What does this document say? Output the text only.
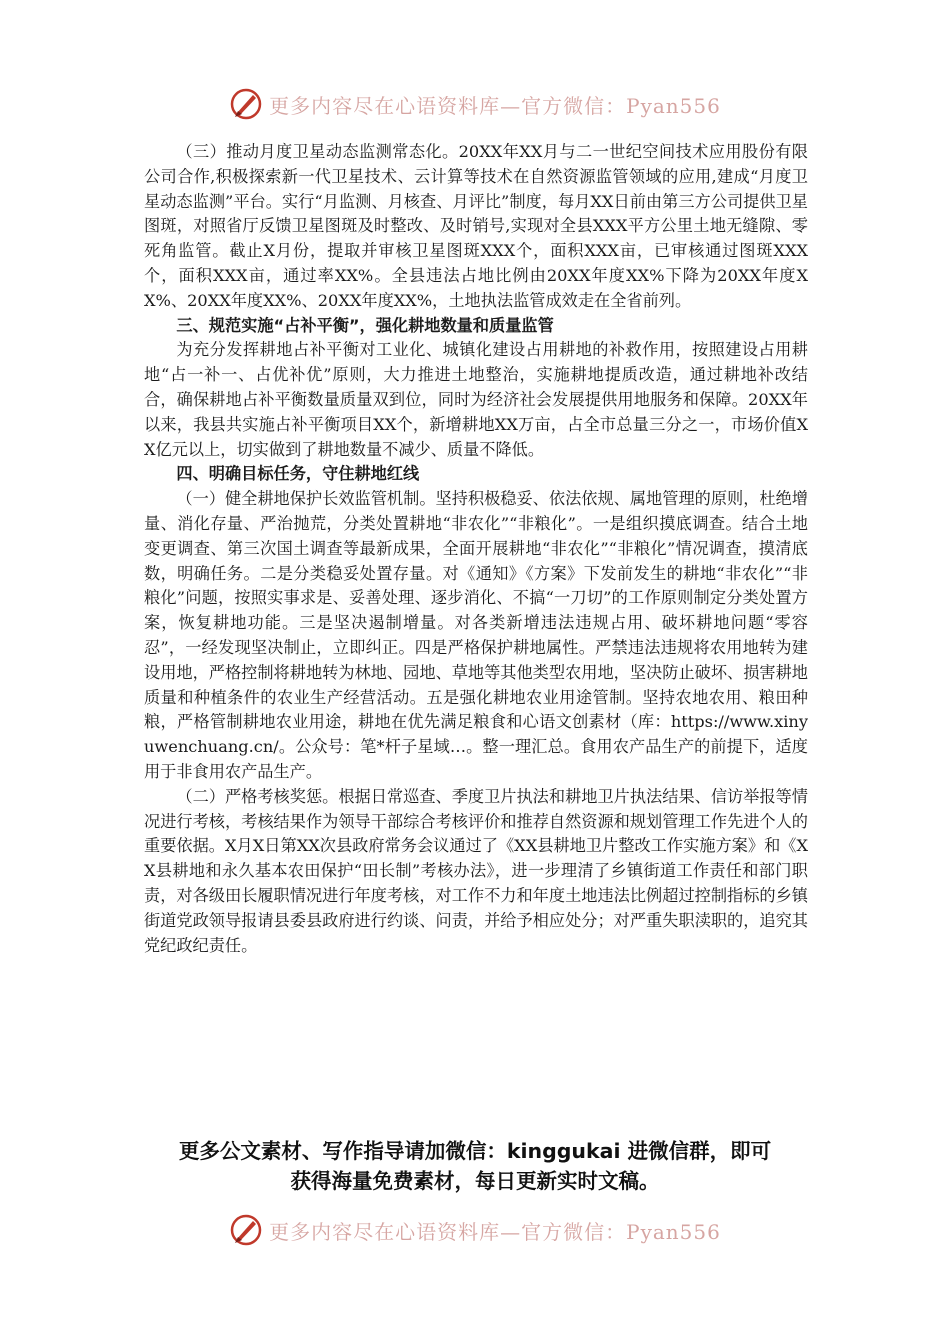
更多内容尽在心语资料库—官方微信：Pyan556

（三）推动月度卫星动态监测常态化。20XX年XX月与二一世纪空间技术应用股份有限公司合作,积极探索新一代卫星技术、云计算等技术在自然资源监管领域的应用,建成“月度卫星动态监测”平台。实行“月监测、月核查、月评比”制度，每月XX日前由第三方公司提供卫星图斑，对照省厅反馈卫星图斑及时整改、及时销号,实现对全县XXX平方公里土地无缝隙、零死角监管。截止X月份，提取并审核卫星图斑XXX个，面积XXX亩，已审核通过图斑XXX个，面积XXX亩，通过率XX%。全县违法占地比例由20XX年度XX%下降为20XX年度XX%、20XX年度XX%、20XX年度XX%，土地执法监管成效走在全省前列。

三、规范实施“占补平衡”，强化耕地数量和质量监管

为充分发挥耕地占补平衡对工业化、城镇化建设占用耕地的补救作用，按照建设占用耕地“占一补一、占优补优”原则，大力推进土地整治，实施耕地提质改造，通过耕地补改结合，确保耕地占补平衡数量质量双到位，同时为经济社会发展提供用地服务和保障。20XX年以来，我县共实施占补平衡项目XX个，新增耕地XX万亩，占全市总量三分之一，市场价值XX亿元以上，切实做到了耕地数量不减少、质量不降低。

四、明确目标任务，守住耕地红线

（一）健全耕地保护长效监管机制。坚持积极稳妥、依法依规、属地管理的原则，杜绝增量、消化存量、严治抛荒，分类处置耕地“非农化”“非粮化”。一是组织摸底调查。结合土地变更调查、第三次国土调查等最新成果，全面开展耕地“非农化”“非粮化”情况调查，摸清底数，明确任务。二是分类稳妥处置存量。对《通知》《方案》下发前发生的耕地“非农化”“非粮化”问题，按照实事求是、妥善处理、逐步消化、不搞“一刀切”的工作原则制定分类处置方案，恢复耕地功能。三是坚决遏制增量。对各类新增违法违规占用、破坏耕地问题“零容忍”，一经发现坚决制止，立即纠正。四是严格保护耕地属性。严禁违法违规将农用地转为建设用地，严格控制将耕地转为林地、园地、草地等其他类型农用地，坚决防止破坏、损害耕地质量和种植条件的农业生产经营活动。五是强化耕地农业用途管制。坚持农地农用、粮田种粮，严格管制耕地农业用途，耕地在优先满足粮食和心语文创素材（库：https://www.xinyuwenchuang.cn/。公众号：笔*杆子星域…。整一理汇总。食用农产品生产的前提下，适度用于非食用农产品生产。

（二）严格考核奖惩。根据日常巡查、季度卫片执法和耕地卫片执法结果、信访举报等情况进行考核，考核结果作为领导干部综合考核评价和推荐自然资源和规划管理工作先进个人的重要依据。X月X日第XX次县政府常务会议通过了《XX县耕地卫片整改工作实施方案》和《XX县耕地和永久基本农田保护“田长制”考核办法》，进一步理清了乡镇街道工作责任和部门职责，对各级田长履职情况进行年度考核，对工作不力和年度土地违法比例超过控制指标的乡镇街道党政领导报请县委县政府进行约谈、问责，并给予相应处分；对严重失职渎职的，追究其党纪政纪责任。

更多公文素材、写作指导请加微信：kinggukai 进微信群，即可
获得海量免费素材，每日更新实时文稿。
更多内容尽在心语资料库—官方微信：Pyan556
